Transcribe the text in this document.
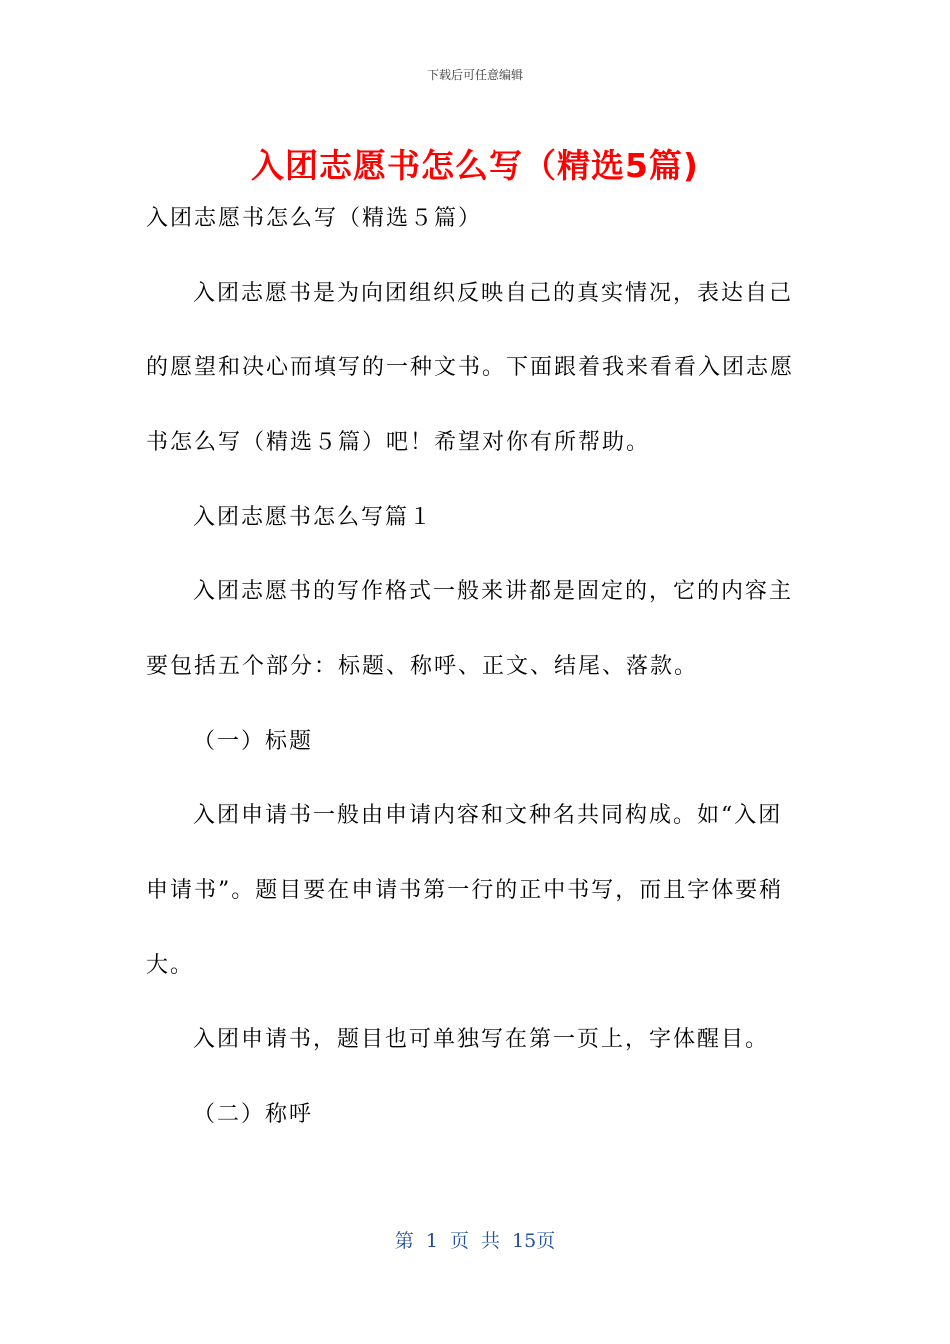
下载后可任意编辑
入团志愿书怎么写（精选5篇)
入团志愿书怎么写（精选５篇）
入团志愿书是为向团组织反映自己的真实情况，表达自己
的愿望和决心而填写的一种文书。下面跟着我来看看入团志愿
书怎么写（精选５篇）吧！希望对你有所帮助。
入团志愿书怎么写篇１
入团志愿书的写作格式一般来讲都是固定的，它的内容主
要包括五个部分：标题、称呼、正文、结尾、落款。
（一）标题
入团申请书一般由申请内容和文种名共同构成。如“入团
申请书”。题目要在申请书第一行的正中书写，而且字体要稍
大。
入团申请书，题目也可单独写在第一页上，字体醒目。
（二）称呼
第 1 页 共 15页
